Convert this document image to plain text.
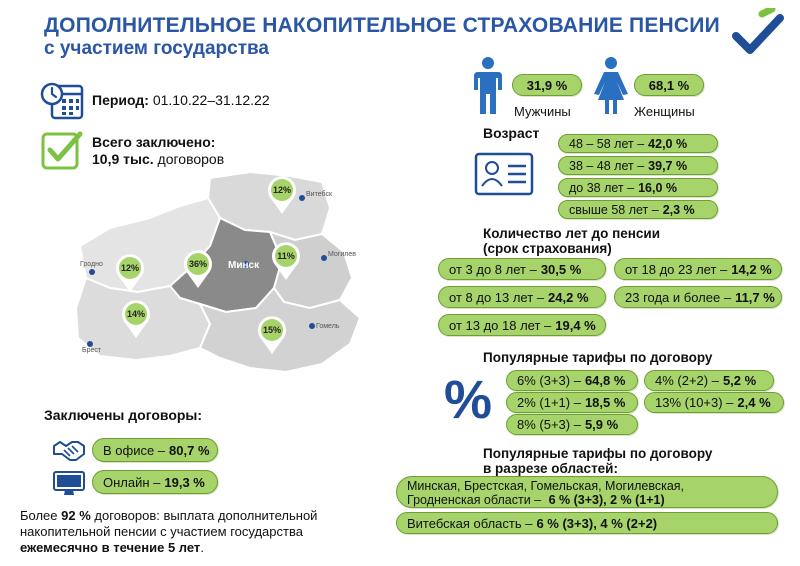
ДОПОЛНИТЕЛЬНОЕ НАКОПИТЕЛЬНОЕ СТРАХОВАНИЕ ПЕНСИИ
с участием государства
Период: 01.10.22–31.12.22
Всего заключено:
10,9 тыс. договоров
Витебск
Гродно
Могилев
Брест
Гомель
Минск
12%
12%	36%
11%
14%
15%
Заключены договоры:
В офисе – 80,7 %
Онлайн – 19,3 %
Более 92 % договоров: выплата дополнительной
накопительной пенсии с участием государства
ежемесячно в течение 5 лет.
31,9 %
Мужчины
68,1 %
Женщины
Возраст
48 – 58 лет – 42,0 %
38 – 48 лет – 39,7 %
до 38 лет – 16,0 %
свыше 58 лет – 2,3 %
Количество лет до пенсии
(срок страхования)
от 3 до 8 лет – 30,5 %	от 18 до 23 лет – 14,2 %
от 8 до 13 лет – 24,2 %	23 года и более – 11,7 %
от 13 до 18 лет – 19,4 %
Популярные тарифы по договору
% 6% (3+3) – 64,8 % 4% (2+2) – 5,2 %
2% (1+1) – 18,5 % 13% (10+3) – 2,4 %
8% (5+3) – 5,9 %
Популярные тарифы по договору
в разрезе областей:
Минская, Брестская, Гомельская, Могилевская,
Гродненская области – 6 % (3+3), 2 % (1+1)
Витебская область – 6 % (3+3), 4 % (2+2)
